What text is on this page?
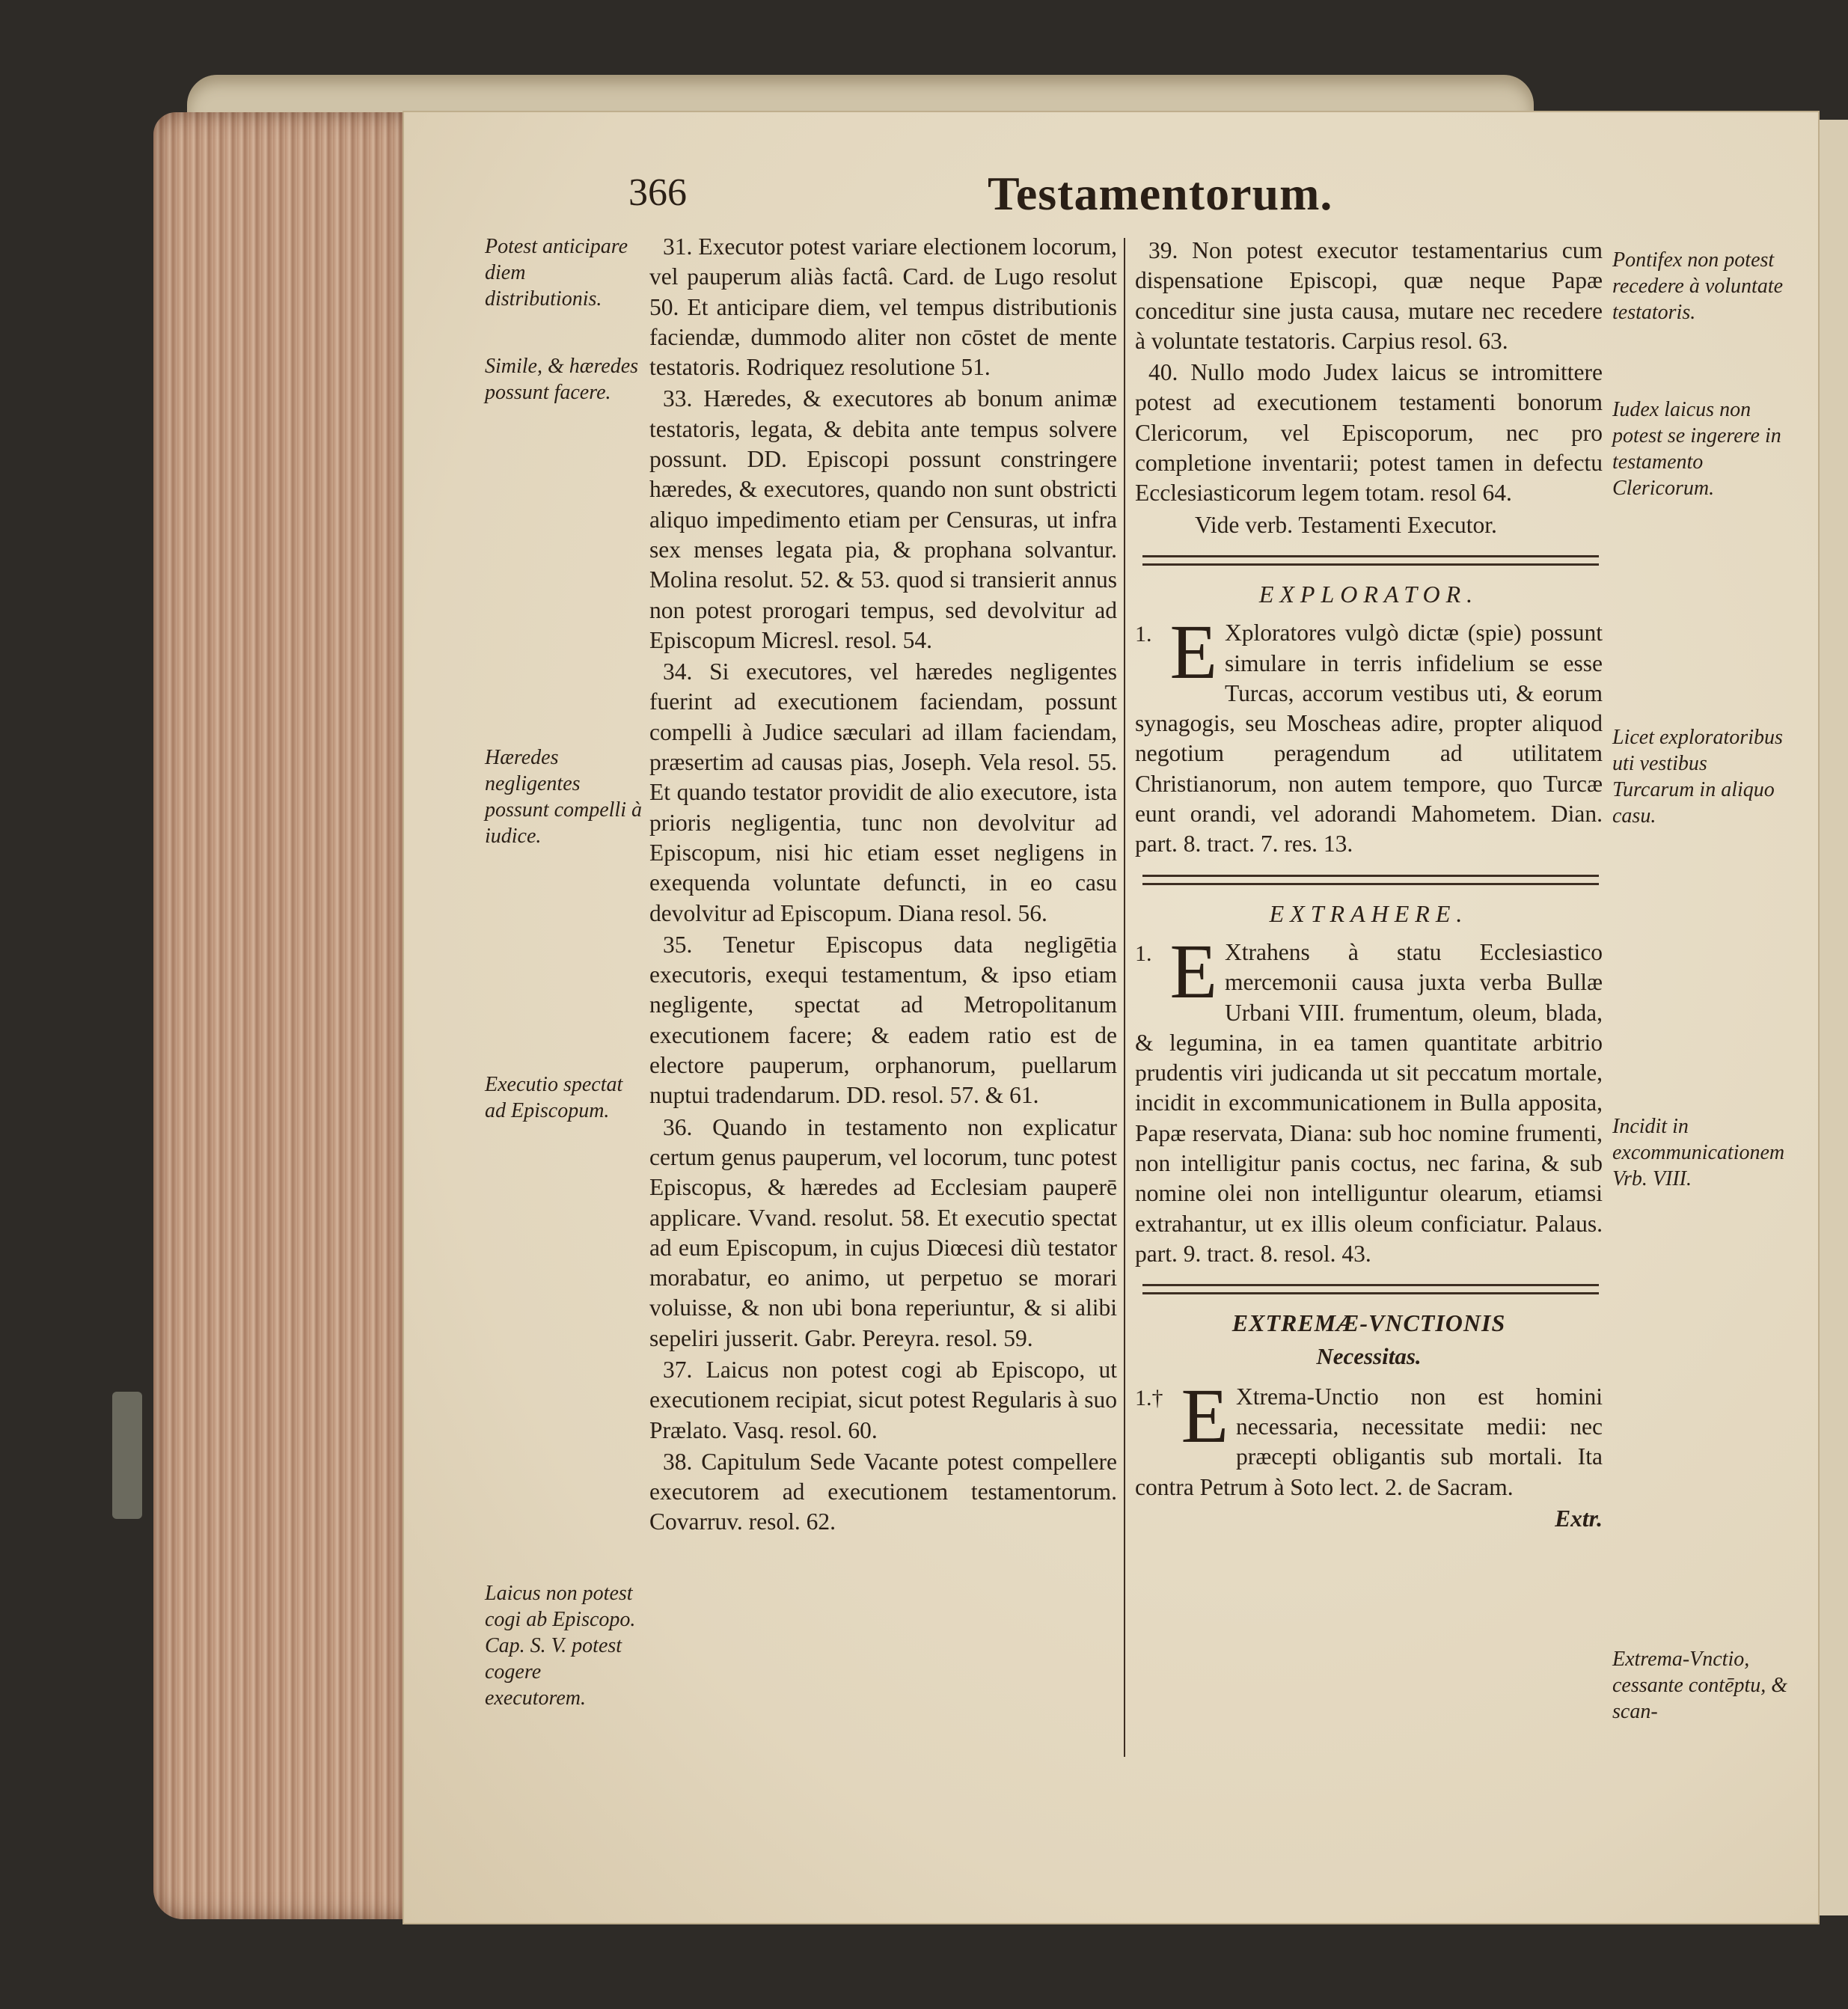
366	Testamentorum.
Potest anticipare diem distributionis.
Simile, & hæredes possunt facere.
Hæredes negligentes possunt compelli à iudice.
Executio spectat ad Episcopum.
Laicus non potest cogi ab Episcopo. Cap. S. V. potest cogere executorem.

31. Executor potest variare electionem locorum, vel pauperum aliàs factâ. Card. de Lugo resolut 50. Et anticipare diem, vel tempus distributionis faciendæ, dummodo aliter non cōstet de mente testatoris. Rodriquez resolutione 51.

33. Hæredes, & executores ab bonum animæ testatoris, legata, & debita ante tempus solvere possunt. DD. Episcopi possunt constringere hæredes, & executores, quando non sunt obstricti aliquo impedimento etiam per Censuras, ut infra sex menses legata pia, & prophana solvantur. Molina resolut. 52. & 53. quod si transierit annus non potest prorogari tempus, sed devolvitur ad Episcopum Micresl. resol. 54.

34. Si executores, vel hæredes negligentes fuerint ad executionem faciendam, possunt compelli à Judice sæculari ad illam faciendam, præsertim ad causas pias, Joseph. Vela resol. 55. Et quando testator providit de alio executore, ista prioris negligentia, tunc non devolvitur ad Episcopum, nisi hic etiam esset negligens in exequenda voluntate defuncti, in eo casu devolvitur ad Episcopum. Diana resol. 56.

35. Tenetur Episcopus data negligētia executoris, exequi testamentum, & ipso etiam negligente, spectat ad Metropolitanum executionem facere; & eadem ratio est de electore pauperum, orphanorum, puellarum nuptui tradendarum. DD. resol. 57. & 61.

36. Quando in testamento non explicatur certum genus pauperum, vel locorum, tunc potest Episcopus, & hæredes ad Ecclesiam pauperē applicare. Vvand. resolut. 58. Et executio spectat ad eum Episcopum, in cujus Diœcesi diù testator morabatur, eo animo, ut perpetuo se morari voluisse, & non ubi bona reperiuntur, & si alibi sepeliri jusserit. Gabr. Pereyra. resol. 59.

37. Laicus non potest cogi ab Episcopo, ut executionem recipiat, sicut potest Regularis à suo Prælato. Vasq. resol. 60.

38. Capitulum Sede Vacante potest compellere executorem ad executionem testamentorum. Covarruv. resol. 62.

Pontifex non potest recedere à voluntate testatoris.
Iudex laicus non potest se ingerere in testamento Clericorum.
Licet exploratoribus uti vestibus Turcarum in aliquo casu.
Incidit in excommunicationem Vrb. VIII.
Extrema-Vnctio, cessante contēptu, & scan-

39. Non potest executor testamentarius cum dispensatione Episcopi, quæ neque Papæ conceditur sine justa causa, mutare nec recedere à voluntate testatoris. Carpius resol. 63.

40. Nullo modo Judex laicus se intromittere potest ad executionem testamenti bonorum Clericorum, vel Episcoporum, nec pro completione inventarii; potest tamen in defectu Ecclesiasticorum legem totam. resol 64.

Vide verb. Testamenti Executor.

EXPLORATOR.

1. E Xploratores vulgò dictæ (spie) possunt simulare in terris infidelium se esse Turcas, accorum vestibus uti, & eorum synagogis, seu Moscheas adire, propter aliquod negotium peragendum ad utilitatem Christianorum, non autem tempore, quo Turcæ eunt orandi, vel adorandi Mahometem. Dian. part. 8. tract. 7. res. 13.

EXTRAHERE.

1. E Xtrahens à statu Ecclesiastico mercemonii causa juxta verba Bullæ Urbani VIII. frumentum, oleum, blada, & legumina, in ea tamen quantitate arbitrio prudentis viri judicanda ut sit peccatum mortale, incidit in excommunicationem in Bulla apposita, Papæ reservata, Diana: sub hoc nomine frumenti, non intelligitur panis coctus, nec farina, & sub nomine olei non intelliguntur olearum, etiamsi extrahantur, ut ex illis oleum conficiatur. Palaus. part. 9. tract. 8. resol. 43.

EXTREMÆ-VNCTIONIS
Necessitas.

1.† E Xtrema-Unctio non est homini necessaria, necessitate medii: nec præcepti obligantis sub mortali. Ita contra Petrum à Soto lect. 2. de Sacram.

Extr.
